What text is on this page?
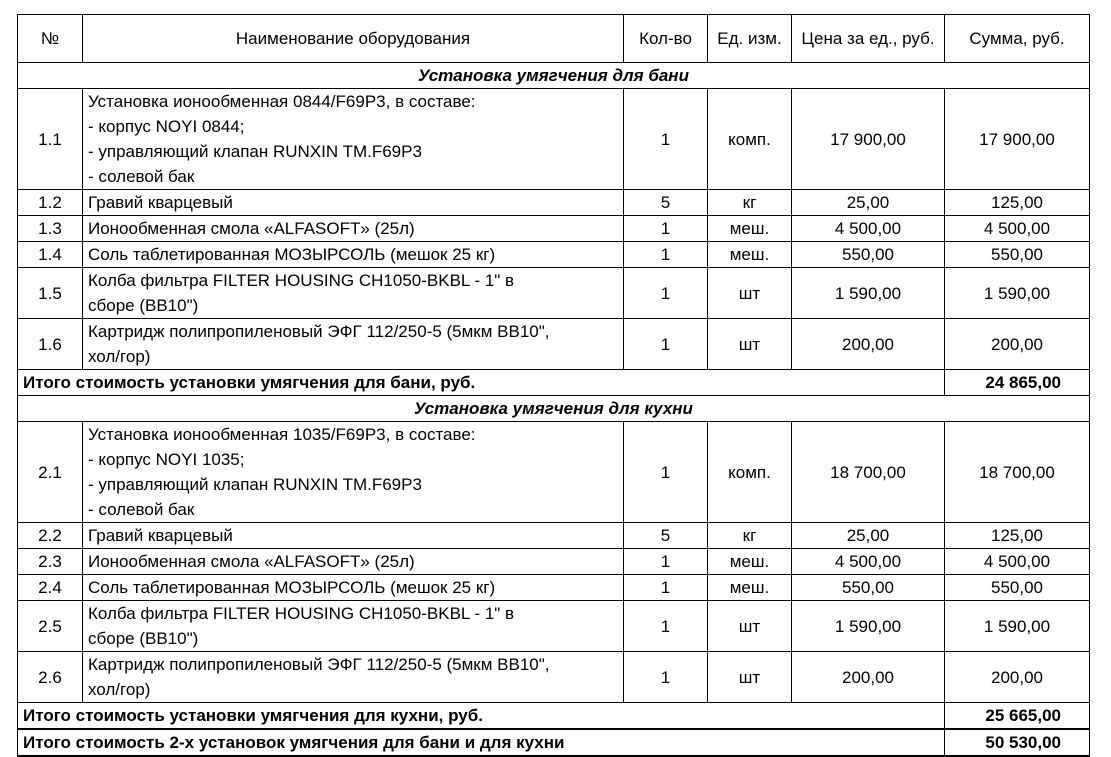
№	Наименование оборудования	Кол-во	Ед. изм.	Цена за ед., руб.	Сумма, руб.
Установка умягчения для бани					
1.1	Установка ионообменная 0844/F69P3, в составе:
- корпус NOYI 0844;
- управляющий клапан RUNXIN TM.F69P3
- солевой бак	1	комп.	17 900,00	17 900,00
1.2	Гравий кварцевый	5	кг	25,00	125,00
1.3	Ионообменная смола «ALFASOFT» (25л)	1	меш.	4 500,00	4 500,00
1.4	Соль таблетированная МОЗЫРСОЛЬ (мешок 25 кг)	1	меш.	550,00	550,00
1.5	Колба фильтра FILTER HOUSING CH1050-BKBL - 1" в
сборе (BB10")	1	шт	1 590,00	1 590,00
1.6	Картридж полипропиленовый ЭФГ 112/250-5 (5мкм BB10",
хол/гор)	1	шт	200,00	200,00
Итого стоимость установки умягчения для бани, руб.					24 865,00
Установка умягчения для кухни					
2.1	Установка ионообменная 1035/F69P3, в составе:
- корпус NOYI 1035;
- управляющий клапан RUNXIN TM.F69P3
- солевой бак	1	комп.	18 700,00	18 700,00
2.2	Гравий кварцевый	5	кг	25,00	125,00
2.3	Ионообменная смола «ALFASOFT» (25л)	1	меш.	4 500,00	4 500,00
2.4	Соль таблетированная МОЗЫРСОЛЬ (мешок 25 кг)	1	меш.	550,00	550,00
2.5	Колба фильтра FILTER HOUSING CH1050-BKBL - 1" в
сборе (BB10")	1	шт	1 590,00	1 590,00
2.6	Картридж полипропиленовый ЭФГ 112/250-5 (5мкм BB10",
хол/гор)	1	шт	200,00	200,00
Итого стоимость установки умягчения для кухни, руб.					25 665,00
Итого стоимость 2-х установок умягчения для бани и для кухни					50 530,00
